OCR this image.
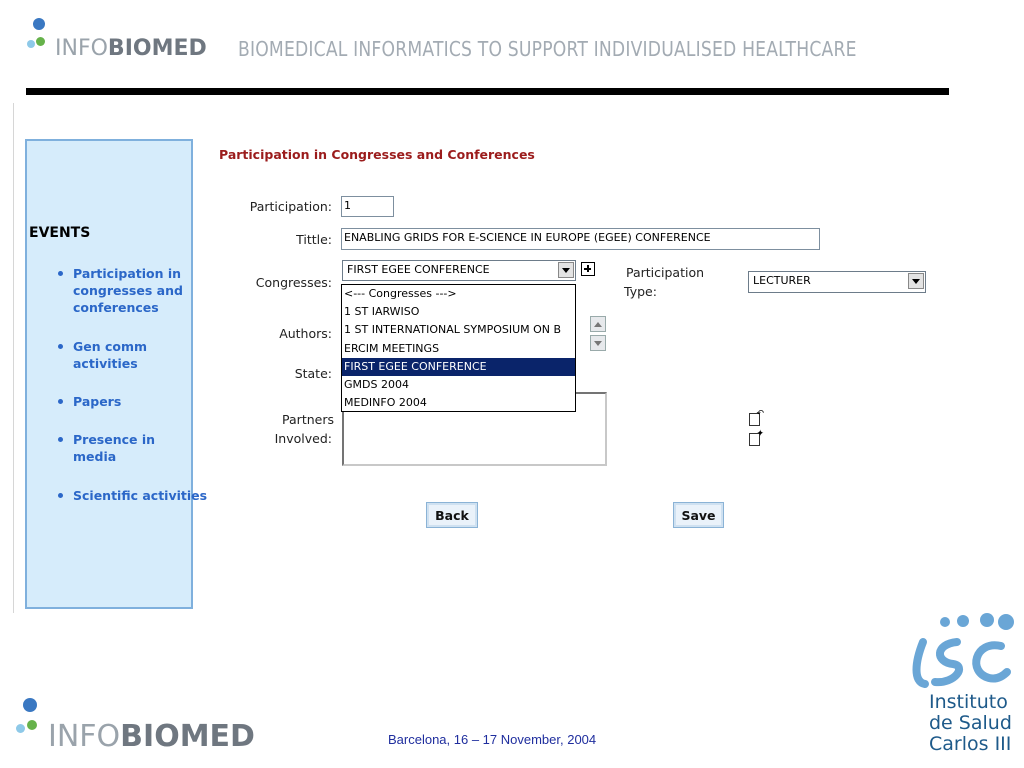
INFOBIOMED BIOMEDICAL INFORMATICS TO SUPPORT INDIVIDUALISED HEALTHCARE
EVENTS
Participation in congresses and conferences
Gen comm activities
Papers
Presence in media
Scientific activities
Participation in Congresses and Conferences
Participation: 1
Tittle: ENABLING GRIDS FOR E-SCIENCE IN EUROPE (EGEE) CONFERENCE
Congresses:
FIRST EGEE CONFERENCE	Participation
Type:
LECTURER
Authors:
State:
Partners
Involved:
↶
✦
<--- Congresses --->
1 ST IARWISO
1 ST INTERNATIONAL SYMPOSIUM ON B
ERCIM MEETINGS
FIRST EGEE CONFERENCE
GMDS 2004
MEDINFO 2004
Back	Save
INFOBIOMED	Barcelona, 16 – 17 November, 2004
Instituto
de Salud
Carlos III
